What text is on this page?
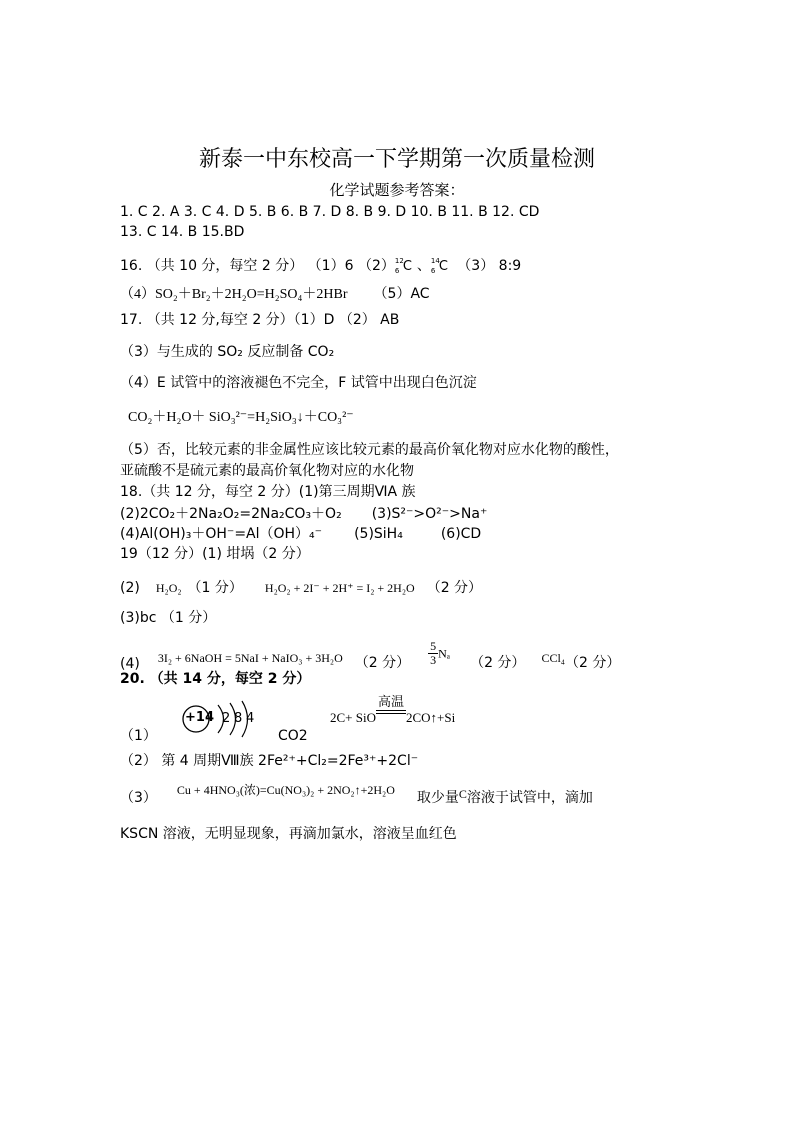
新泰一中东校高一下学期第一次质量检测
化学试题参考答案：
1. C 2. A 3. C 4. D 5. B 6. B 7. D 8. B 9. D 10. B 11. B 12. CD
13. C 14. B 15.BD
16. （共 10 分，每空 2 分） （1）6 （2） 12
6 C 、 14
6 C （3） 8:9
（4）SO₂＋Br₂＋2H₂O=H₂SO₄＋2HBr （5）AC
17. （共 12 分,每空 2 分）（1）D （2） AB
（3）与生成的 SO₂ 反应制备 CO₂
（4）E 试管中的溶液褪色不完全，F 试管中出现白色沉淀
CO₂＋H₂O＋ SiO₃²⁻=H₂SiO₃↓＋CO₃²⁻
（5）否，比较元素的非金属性应该比较元素的最高价氧化物对应水化物的酸性，
亚硫酸不是硫元素的最高价氧化物对应的水化物
18.（共 12 分，每空 2 分）(1)第三周期ⅥA 族
(2)2CO₂＋2Na₂O₂=2Na₂CO₃＋O₂ (3)S²⁻>O²⁻>Na⁺
(4)Al(OH)₃＋OH⁻=Al（OH）₄⁻ (5)SiH₄	(6)CD
19（12 分）(1) 坩埚（2 分）
(2) H₂O₂ （1 分） H₂O₂ + 2I⁻ + 2H⁺ = I₂ + 2H₂O （2 分）
(3)bc （1 分）
(4) 3I₂ + 6NaOH = 5NaI + NaIO₃ + 3H₂O （2 分） $\frac{5}{3} N_a(2$ 分） CCl₄（2 分）
20. （共 14 分，每空 2 分）
（1）
+14 2 8 4
CO2
2C+ SiO
高温
2CO↑+Si
（2） 第 4 周期Ⅷ族 2Fe²⁺+Cl₂=2Fe³⁺+2Cl⁻
（3） Cu + 4HNO₃(浓)=Cu(NO₃)₂ + 2NO₂↑+2H₂O 取少量C溶液于试管中，滴加
KSCN 溶液，无明显现象，再滴加氯水，溶液呈血红色
